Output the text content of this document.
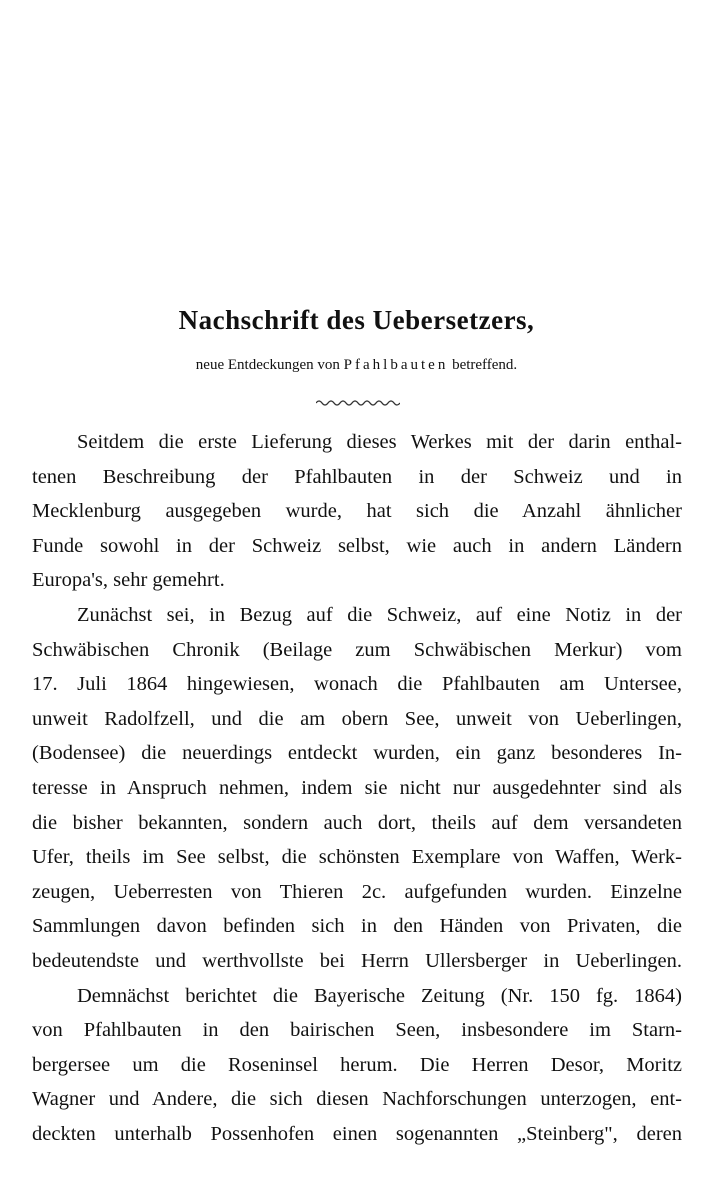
Nachschrift des Uebersetzers,

neue Entdeckungen von Pfahlbauten betreffend.

Seitdem die erste Lieferung dieses Werkes mit der darin enthal-
tenen Beschreibung der Pfahlbauten in der Schweiz und in
Mecklenburg ausgegeben wurde, hat sich die Anzahl ähnlicher
Funde sowohl in der Schweiz selbst, wie auch in andern Ländern
Europa's, sehr gemehrt.
Zunächst sei, in Bezug auf die Schweiz, auf eine Notiz in der
Schwäbischen Chronik (Beilage zum Schwäbischen Merkur) vom
17. Juli 1864 hingewiesen, wonach die Pfahlbauten am Untersee,
unweit Radolfzell, und die am obern See, unweit von Ueberlingen,
(Bodensee) die neuerdings entdeckt wurden, ein ganz besonderes In-
teresse in Anspruch nehmen, indem sie nicht nur ausgedehnter sind als
die bisher bekannten, sondern auch dort, theils auf dem versandeten
Ufer, theils im See selbst, die schönsten Exemplare von Waffen, Werk-
zeugen, Ueberresten von Thieren 2c. aufgefunden wurden. Einzelne
Sammlungen davon befinden sich in den Händen von Privaten, die
bedeutendste und werthvollste bei Herrn Ullersberger in Ueberlingen.
Demnächst berichtet die Bayerische Zeitung (Nr. 150 fg. 1864)
von Pfahlbauten in den bairischen Seen, insbesondere im Starn-
bergersee um die Roseninsel herum. Die Herren Desor, Moritz
Wagner und Andere, die sich diesen Nachforschungen unterzogen, ent-
deckten unterhalb Possenhofen einen sogenannten „Steinberg", deren
